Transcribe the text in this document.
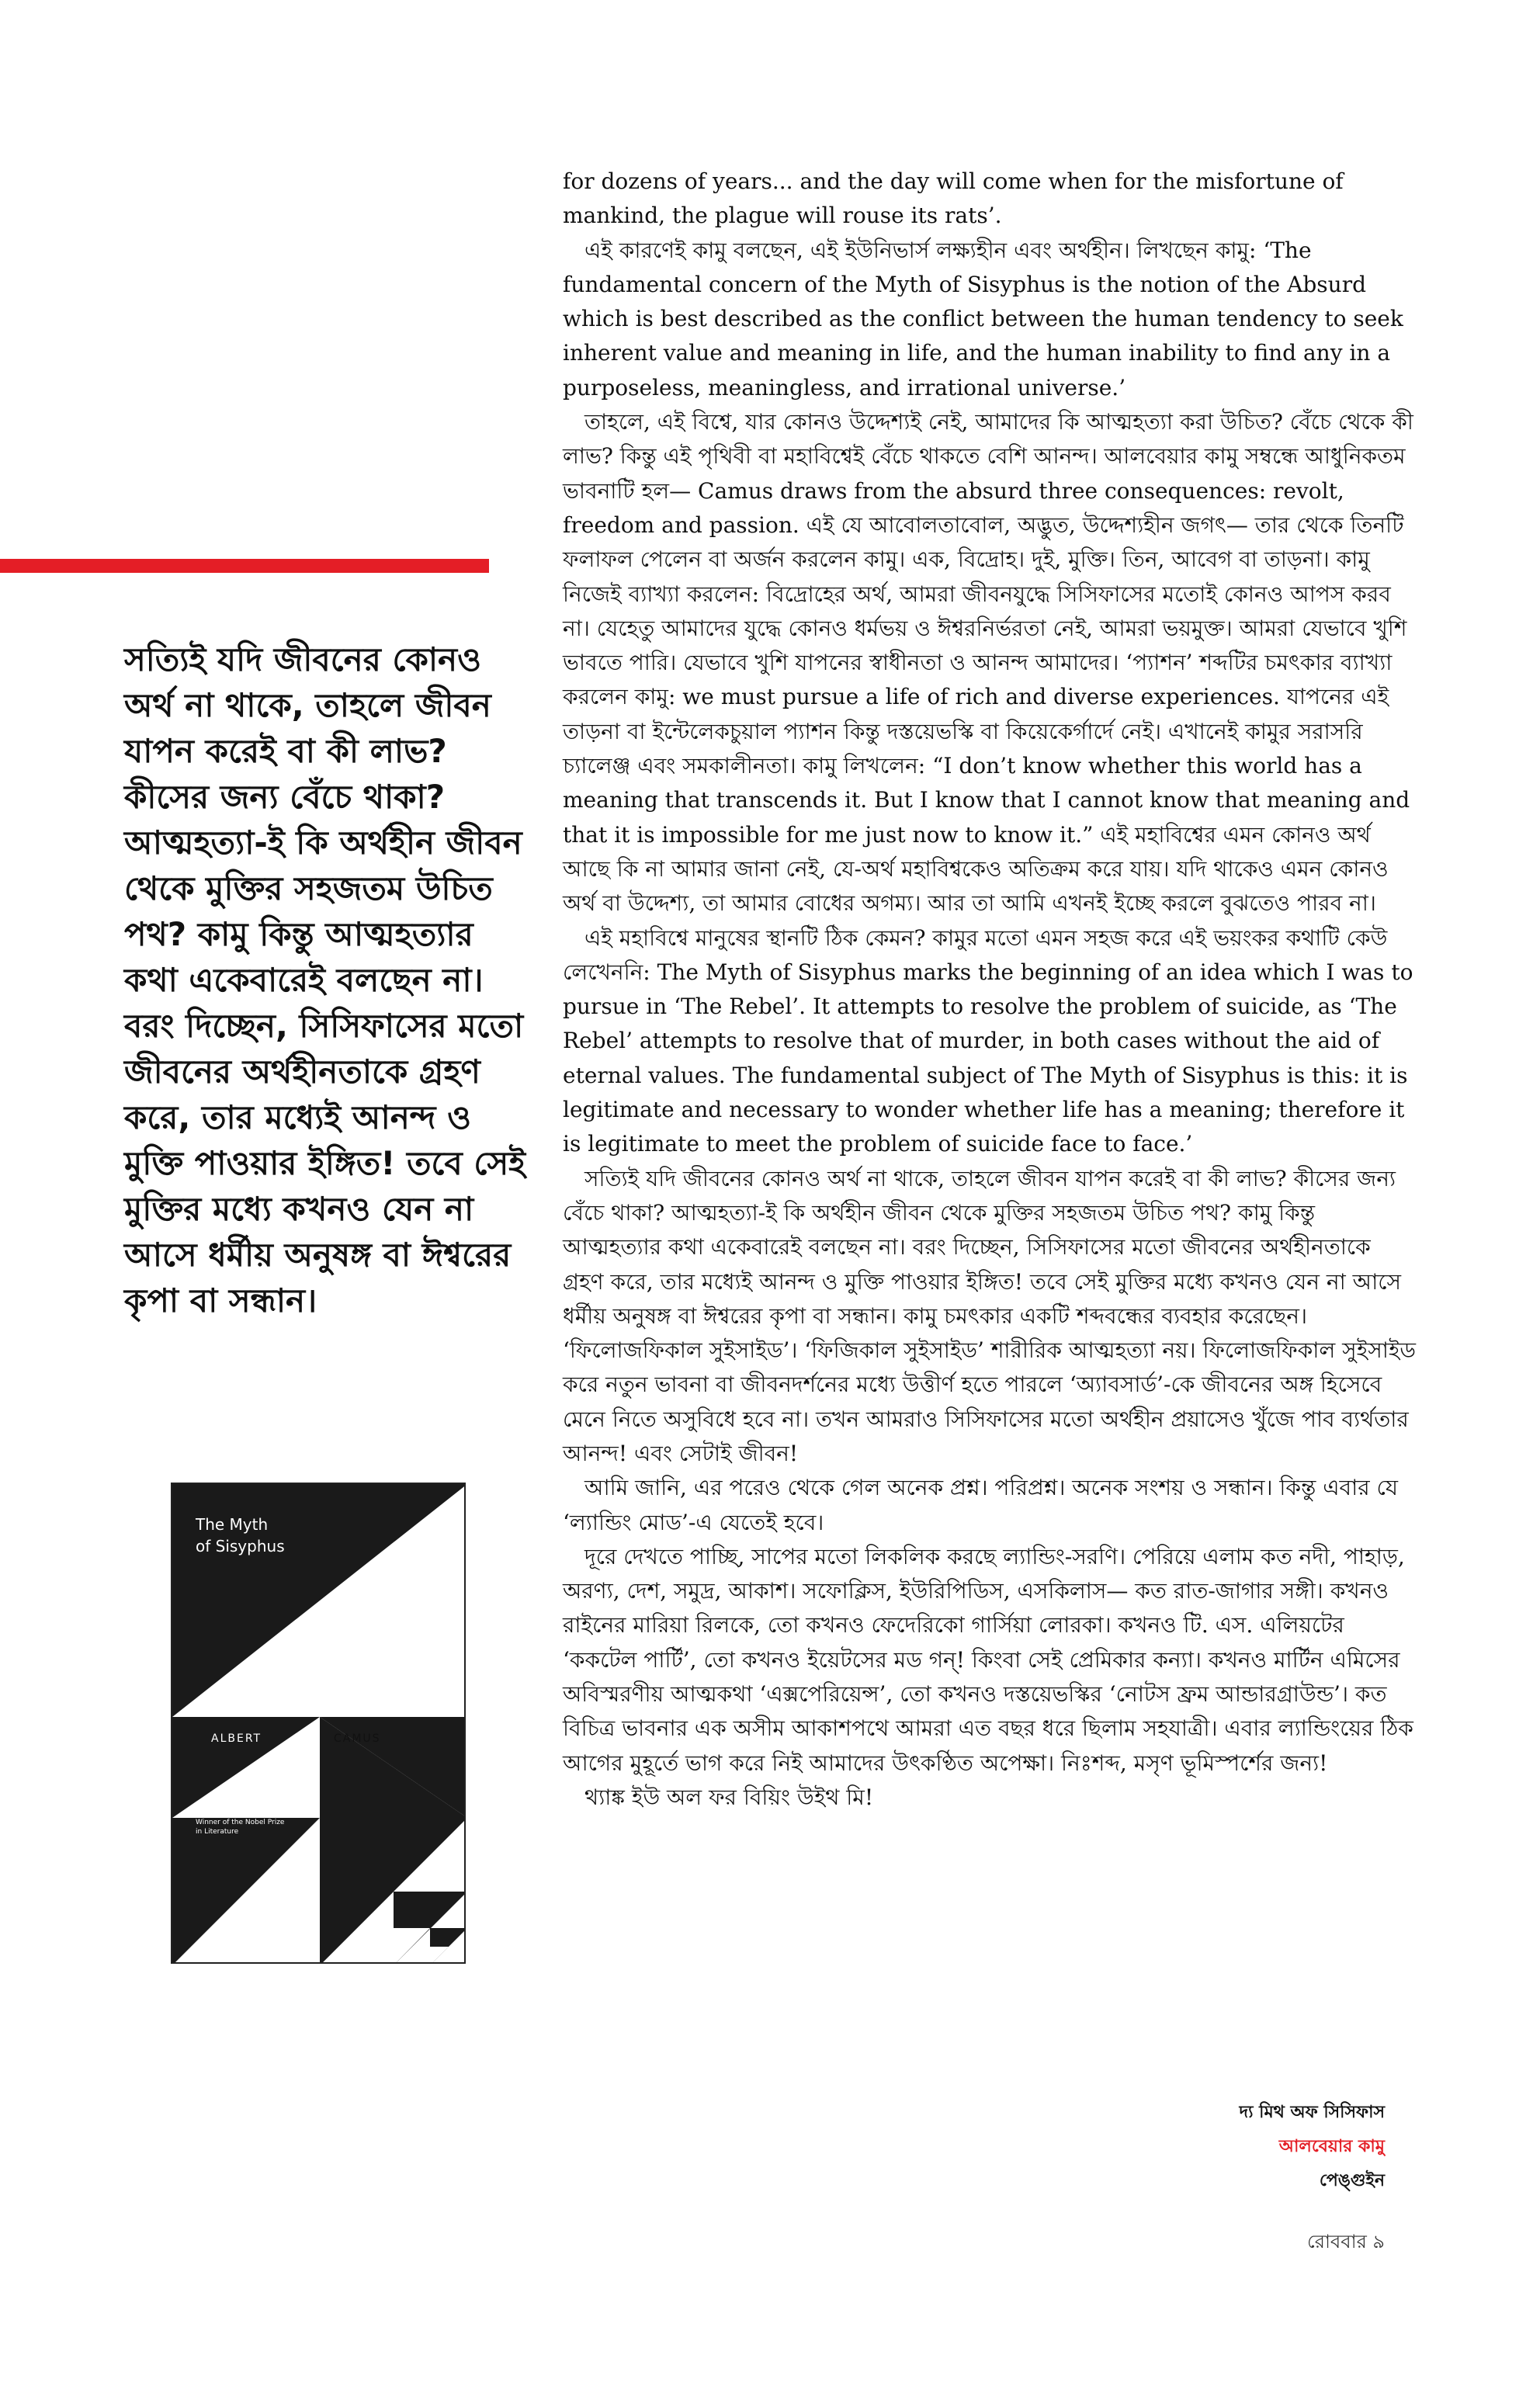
সত্যিই যদি জীবনের কোনও অর্থ না থাকে, তাহলে জীবন যাপন করেই বা কী লাভ? কীসের জন্য বেঁচে থাকা? আত্মহত্যা-ই কি অর্থহীন জীবন থেকে মুক্তির সহজতম উচিত পথ? কামু কিন্তু আত্মহত্যার কথা একেবারেই বলছেন না। বরং দিচ্ছেন, সিসিফাসের মতো জীবনের অর্থহীনতাকে গ্রহণ করে, তার মধ্যেই আনন্দ ও মুক্তি পাওয়ার ইঙ্গিত! তবে সেই মুক্তির মধ্যে কখনও যেন না আসে ধর্মীয় অনুষঙ্গ বা ঈশ্বরের কৃপা বা সন্ধান।

The Myth
of Sisyphus
ALBERT	CAMUS
Winner of the Nobel Prize in Literature

for dozens of years... and the day will come when for the misfortune of mankind, the plague will rouse its rats’.

এই কারণেই কামু বলছেন, এই ইউনিভার্স লক্ষ্যহীন এবং অর্থহীন। লিখছেন কামু: ‘The fundamental concern of the Myth of Sisyphus is the notion of the Absurd which is best described as the conflict between the human tendency to seek inherent value and meaning in life, and the human inability to find any in a purposeless, meaningless, and irrational universe.’

তাহলে, এই বিশ্বে, যার কোনও উদ্দেশ্যই নেই, আমাদের কি আত্মহত্যা করা উচিত? বেঁচে থেকে কী লাভ? কিন্তু এই পৃথিবী বা মহাবিশ্বেই বেঁচে থাকতে বেশি আনন্দ। আলবেয়ার কামু সম্বন্ধে আধুনিকতম ভাবনাটি হল— Camus draws from the absurd three consequences: revolt, freedom and passion. এই যে আবোলতাবোল, অদ্ভুত, উদ্দেশ্যহীন জগৎ— তার থেকে তিনটি ফলাফল পেলেন বা অর্জন করলেন কামু। এক, বিদ্রোহ। দুই, মুক্তি। তিন, আবেগ বা তাড়না। কামু নিজেই ব্যাখ্যা করলেন: বিদ্রোহের অর্থ, আমরা জীবনযুদ্ধে সিসিফাসের মতোই কোনও আপস করব না। যেহেতু আমাদের যুদ্ধে কোনও ধর্মভয় ও ঈশ্বরনির্ভরতা নেই, আমরা ভয়মুক্ত। আমরা যেভাবে খুশি ভাবতে পারি। যেভাবে খুশি যাপনের স্বাধীনতা ও আনন্দ আমাদের। ‘প্যাশন’ শব্দটির চমৎকার ব্যাখ্যা করলেন কামু: we must pursue a life of rich and diverse experiences. যাপনের এই তাড়না বা ইন্টেলেকচুয়াল প্যাশন কিন্তু দস্তয়েভস্কি বা কিয়েকের্গার্দে নেই। এখানেই কামুর সরাসরি চ্যালেঞ্জ এবং সমকালীনতা। কামু লিখলেন: “I don’t know whether this world has a meaning that transcends it. But I know that I cannot know that meaning and that it is impossible for me just now to know it.” এই মহাবিশ্বের এমন কোনও অর্থ আছে কি না আমার জানা নেই, যে-অর্থ মহাবিশ্বকেও অতিক্রম করে যায়। যদি থাকেও এমন কোনও অর্থ বা উদ্দেশ্য, তা আমার বোধের অগম্য। আর তা আমি এখনই ইচ্ছে করলে বুঝতেও পারব না।

এই মহাবিশ্বে মানুষের স্থানটি ঠিক কেমন? কামুর মতো এমন সহজ করে এই ভয়ংকর কথাটি কেউ লেখেননি: The Myth of Sisyphus marks the beginning of an idea which I was to pursue in ‘The Rebel’. It attempts to resolve the problem of suicide, as ‘The Rebel’ attempts to resolve that of murder, in both cases without the aid of eternal values. The fundamental subject of The Myth of Sisyphus is this: it is legitimate and necessary to wonder whether life has a meaning; therefore it is legitimate to meet the problem of suicide face to face.’

সত্যিই যদি জীবনের কোনও অর্থ না থাকে, তাহলে জীবন যাপন করেই বা কী লাভ? কীসের জন্য বেঁচে থাকা? আত্মহত্যা-ই কি অর্থহীন জীবন থেকে মুক্তির সহজতম উচিত পথ? কামু কিন্তু আত্মহত্যার কথা একেবারেই বলছেন না। বরং দিচ্ছেন, সিসিফাসের মতো জীবনের অর্থহীনতাকে গ্রহণ করে, তার মধ্যেই আনন্দ ও মুক্তি পাওয়ার ইঙ্গিত! তবে সেই মুক্তির মধ্যে কখনও যেন না আসে ধর্মীয় অনুষঙ্গ বা ঈশ্বরের কৃপা বা সন্ধান। কামু চমৎকার একটি শব্দবন্ধের ব্যবহার করেছেন। ‘ফিলোজফিকাল সুইসাইড’। ‘ফিজিকাল সুইসাইড’ শারীরিক আত্মহত্যা নয়। ফিলোজফিকাল সুইসাইড করে নতুন ভাবনা বা জীবনদর্শনের মধ্যে উত্তীর্ণ হতে পারলে ‘অ্যাবসার্ড’-কে জীবনের অঙ্গ হিসেবে মেনে নিতে অসুবিধে হবে না। তখন আমরাও সিসিফাসের মতো অর্থহীন প্রয়াসেও খুঁজে পাব ব্যর্থতার আনন্দ! এবং সেটাই জীবন!

আমি জানি, এর পরেও থেকে গেল অনেক প্রশ্ন। পরিপ্রশ্ন। অনেক সংশয় ও সন্ধান। কিন্তু এবার যে ‘ল্যান্ডিং মোড’-এ যেতেই হবে।

দূরে দেখতে পাচ্ছি, সাপের মতো লিকলিক করছে ল্যান্ডিং-সরণি। পেরিয়ে এলাম কত নদী, পাহাড়, অরণ্য, দেশ, সমুদ্র, আকাশ। সফোক্লিস, ইউরিপিডিস, এসকিলাস— কত রাত-জাগার সঙ্গী। কখনও রাইনের মারিয়া রিলকে, তো কখনও ফেদেরিকো গার্সিয়া লোরকা। কখনও টি. এস. এলিয়টের ‘ককটেল পার্টি’, তো কখনও ইয়েটসের মড গন্! কিংবা সেই প্রেমিকার কন্যা। কখনও মার্টিন এমিসের অবিস্মরণীয় আত্মকথা ‘এক্সপেরিয়েন্স’, তো কখনও দস্তয়েভস্কির ‘নোটস ফ্রম আন্ডারগ্রাউন্ড’। কত বিচিত্র ভাবনার এক অসীম আকাশপথে আমরা এত বছর ধরে ছিলাম সহযাত্রী। এবার ল্যান্ডিংয়ের ঠিক আগের মুহূর্তে ভাগ করে নিই আমাদের উৎকণ্ঠিত অপেক্ষা। নিঃশব্দ, মসৃণ ভূমিস্পর্শের জন্য!

থ্যাঙ্ক ইউ অল ফর বিয়িং উইথ মি!

দ্য মিথ অফ সিসিফাস
আলবেয়ার কামু
পেঙ্গুইন
রোববার ৯
